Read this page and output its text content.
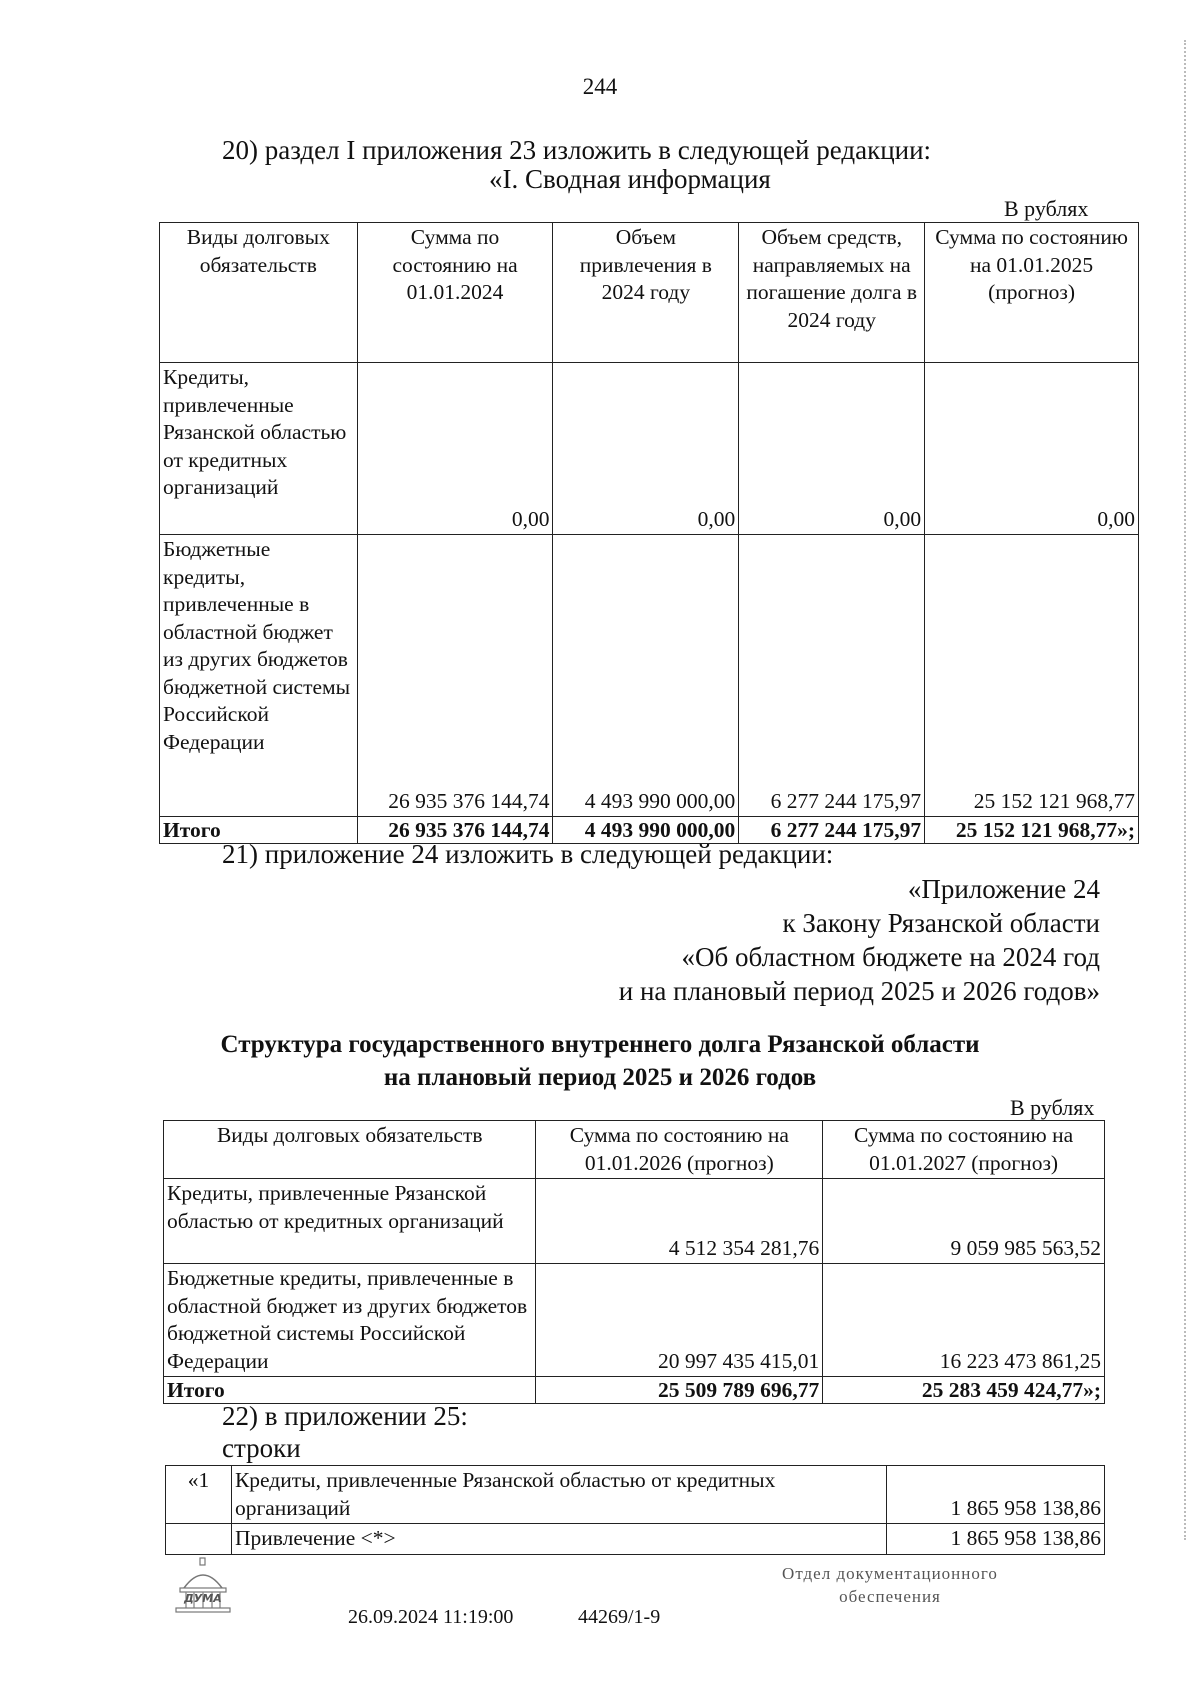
244
20) раздел I приложения 23 изложить в следующей редакции:
«I. Сводная информация
В рублях
Виды долговых обязательств	Сумма по состоянию на 01.01.2024	Объем привлечения в 2024 году	Объем средств, направляемых на погашение долга в 2024 году	Сумма по состоянию на 01.01.2025 (прогноз)
Кредиты, привлеченные Рязанской областью от кредитных организаций	0,00	0,00	0,00	0,00
Бюджетные кредиты, привлеченные в областной бюджет из других бюджетов бюджетной системы Российской Федерации	26 935 376 144,74	4 493 990 000,00	6 277 244 175,97	25 152 121 968,77
Итого	26 935 376 144,74	4 493 990 000,00	6 277 244 175,97	25 152 121 968,77»;
21) приложение 24 изложить в следующей редакции:
«Приложение 24
к Закону Рязанской области
«Об областном бюджете на 2024 год
и на плановый период 2025 и 2026 годов»
Структура государственного внутреннего долга Рязанской области
на плановый период 2025 и 2026 годов
В рублях
Виды долговых обязательств	Сумма по состоянию на 01.01.2026 (прогноз)	Сумма по состоянию на 01.01.2027 (прогноз)
Кредиты, привлеченные Рязанской областью от кредитных организаций	4 512 354 281,76	9 059 985 563,52
Бюджетные кредиты, привлеченные в областной бюджет из других бюджетов бюджетной системы Российской Федерации	20 997 435 415,01	16 223 473 861,25
Итого	25 509 789 696,77	25 283 459 424,77»;
22) в приложении 25:
строки
«1	Кредиты, привлеченные Рязанской областью от кредитных организаций	1 865 958 138,86
	Привлечение <*>	1 865 958 138,86
ДУМА
26.09.2024 11:19:00	44269/1-9
Отдел документационного
обеспечения
